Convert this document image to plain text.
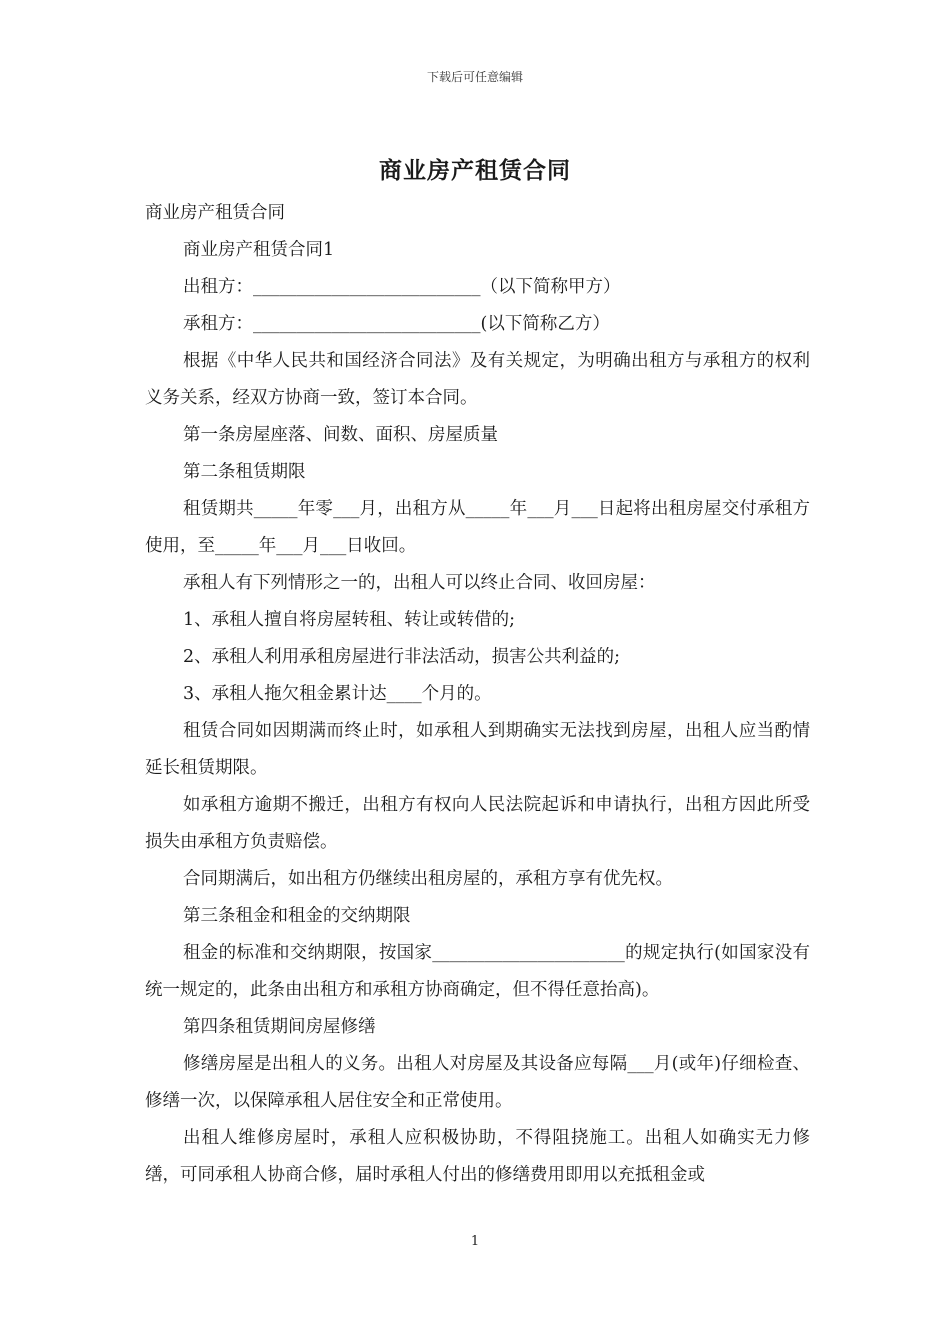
下载后可任意编辑
商业房产租赁合同

商业房产租赁合同

商业房产租赁合同1

出租方：__________________________（以下简称甲方）

承租方：__________________________(以下简称乙方）

根据《中华人民共和国经济合同法》及有关规定，为明确出租方与承租方的权利义务关系，经双方协商一致，签订本合同。

第一条房屋座落、间数、面积、房屋质量

第二条租赁期限

租赁期共_____年零___月，出租方从_____年___月___日起将出租房屋交付承租方使用，至_____年___月___日收回。

承租人有下列情形之一的，出租人可以终止合同、收回房屋：

1、承租人擅自将房屋转租、转让或转借的;

2、承租人利用承租房屋进行非法活动，损害公共利益的;

3、承租人拖欠租金累计达____个月的。

租赁合同如因期满而终止时，如承租人到期确实无法找到房屋，出租人应当酌情延长租赁期限。

如承租方逾期不搬迁，出租方有权向人民法院起诉和申请执行，出租方因此所受损失由承租方负责赔偿。

合同期满后，如出租方仍继续出租房屋的，承租方享有优先权。

第三条租金和租金的交纳期限

租金的标准和交纳期限，按国家______________________的规定执行(如国家没有统一规定的，此条由出租方和承租方协商确定，但不得任意抬高)。

第四条租赁期间房屋修缮

修缮房屋是出租人的义务。出租人对房屋及其设备应每隔___月(或年)仔细检查、修缮一次，以保障承租人居住安全和正常使用。

出租人维修房屋时，承租人应积极协助，不得阻挠施工。出租人如确实无力修缮，可同承租人协商合修，届时承租人付出的修缮费用即用以充抵租金或

1
